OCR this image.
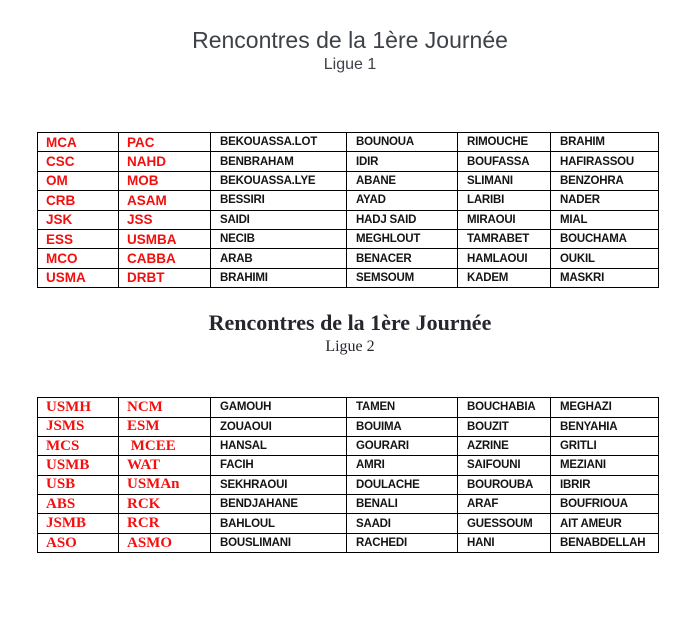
Rencontres de la 1ère Journée
Ligue 1
MCA	PAC	BEKOUASSA.LOT	BOUNOUA	RIMOUCHE	BRAHIM
CSC	NAHD	BENBRAHAM	IDIR	BOUFASSA	HAFIRASSOU
OM	MOB	BEKOUASSA.LYE	ABANE	SLIMANI	BENZOHRA
CRB	ASAM	BESSIRI	AYAD	LARIBI	NADER
JSK	JSS	SAIDI	HADJ SAID	MIRAOUI	MIAL
ESS	USMBA	NECIB	MEGHLOUT	TAMRABET	BOUCHAMA
MCO	CABBA	ARAB	BENACER	HAMLAOUI	OUKIL
USMA	DRBT	BRAHIMI	SEMSOUM	KADEM	MASKRI
Rencontres de la 1ère Journée
Ligue 2
USMH	NCM	GAMOUH	TAMEN	BOUCHABIA	MEGHAZI
JSMS	ESM	ZOUAOUI	BOUIMA	BOUZIT	BENYAHIA
MCS	MCEE	HANSAL	GOURARI	AZRINE	GRITLI
USMB	WAT	FACIH	AMRI	SAIFOUNI	MEZIANI
USB	USMAn	SEKHRAOUI	DOULACHE	BOUROUBA	IBRIR
ABS	RCK	BENDJAHANE	BENALI	ARAF	BOUFRIOUA
JSMB	RCR	BAHLOUL	SAADI	GUESSOUM	AIT AMEUR
ASO	ASMO	BOUSLIMANI	RACHEDI	HANI	BENABDELLAH
